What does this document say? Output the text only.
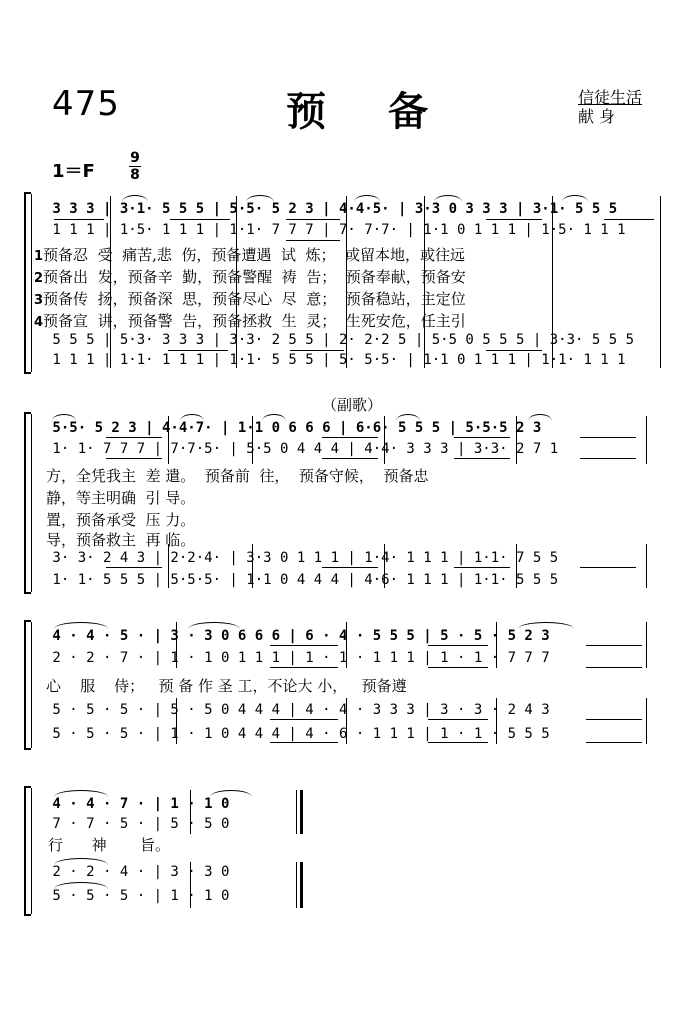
475	预备	信徒生活
献 身
1＝F
9
8
（副歌）
3 3 3 | 3·1· 5 5 5 | 5·5· 5 2 3 | 4·4·5· | 3·3 0 3 3 3 | 3·1· 5 5 5
1 1 1 | 1·5· 1 1 1 | 1·1· 7 7 7 | 7· 7·7· | 1·1 0 1 1 1 | 1·5· 1 1 1
1预备忍  受  痛苦,悲  伤，预备遭遇  试  炼；  或留本地，或往远
2预备出  发，预备辛  勤，预备警醒  祷  告；  预备奉献，预备安
3预备传  扬，预备深  思，预备尽心  尽  意；  预备稳站，主定位
4预备宣  讲，预备警  告，预备拯救  生  灵；  生死安危，任主引
5 5 5 | 5·3· 3 3 3 | 3·3· 2 5 5 | 2· 2·2 5 | 5·5 0 5 5 5 | 3·3· 5 5 5
1 1 1 | 1·1· 1 1 1 | 1·1· 5 5 5 | 5· 5·5· | 1·1 0 1 1 1 | 1·1· 1 1 1
5·5· 5 2 3 | 4·4·7· | 1·1 0 6 6 6 | 6·6· 5 5 5 | 5·5·5 2 3
1· 1· 7 7 7 | 7·7·5· | 5·5 0 4 4 4 | 4·4· 3 3 3 | 3·3· 2 7 1
方，全凭我主  差 遣。  预备前  往，  预备守候，  预备忠
静，等主明确  引 导。
置，预备承受  压 力。
导，预备救主  再 临。
3· 3· 2 4 3 | 2·2·4· | 3·3 0 1 1 1 | 1·4· 1 1 1 | 1·1· 7 5 5
1· 1· 5 5 5 | 5·5·5· | 1·1 0 4 4 4 | 4·6· 1 1 1 | 1·1· 5 5 5
4 · 4 · 5 · | 3 · 3 0 6 6 6 | 6 · 4 · 5 5 5 | 5 · 5 · 5 2 3
2 · 2 · 7 · | 1 · 1 0 1 1 1 | 1 · 1 · 1 1 1 | 1 · 1 · 7 7 7
心    服    侍；   预 备 作 圣 工，不论大 小，   预备遵
5 · 5 · 5 · | 5 · 5 0 4 4 4 | 4 · 4 · 3 3 3 | 3 · 3 · 2 4 3
5 · 5 · 5 · | 1 · 1 0 4 4 4 | 4 · 6 · 1 1 1 | 1 · 1 · 5 5 5
4 · 4 · 7 · | 1 · 1 0
7 · 7 · 5 · | 5 · 5 0
行      神       旨。
2 · 2 · 4 · | 3 · 3 0
5 · 5 · 5 · | 1 · 1 0
